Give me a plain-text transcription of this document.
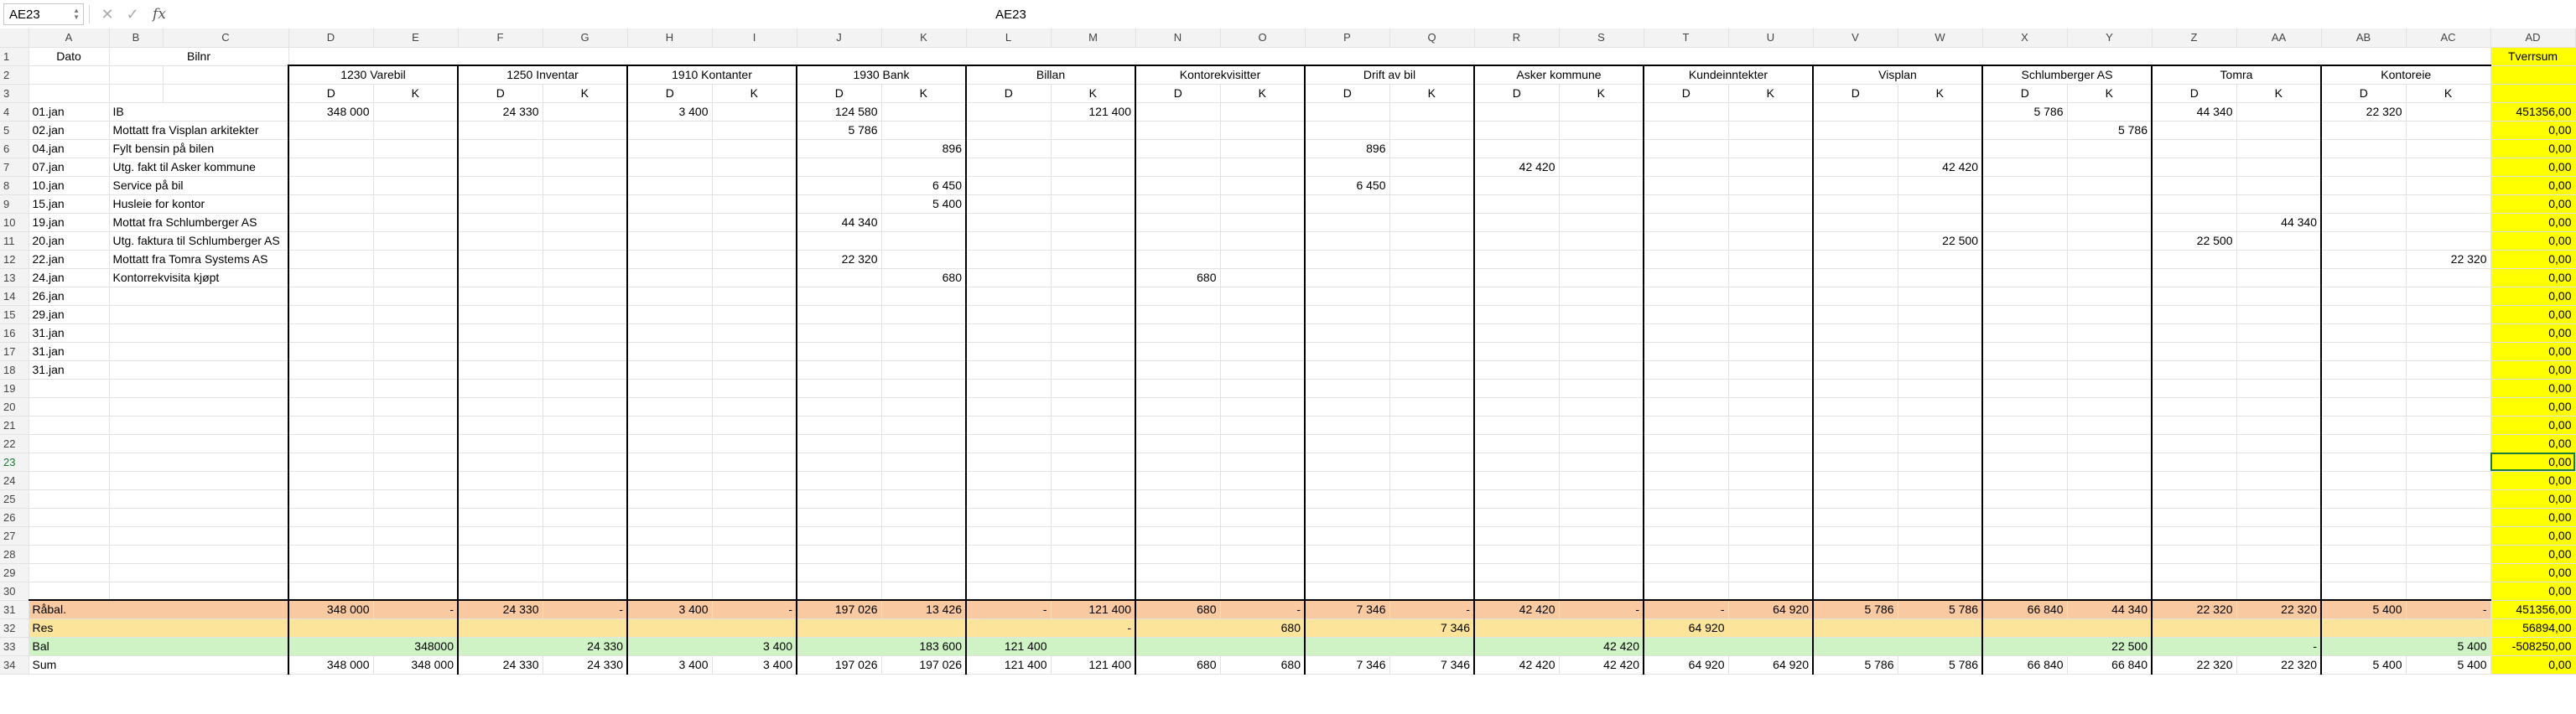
AE23	▲
▼	✕ ✓ fx	AE23
	A	B	C	D	E	F	G	H	I	J	K	L	M	N	O	P	Q	R	S	T	U	V	W	X	Y	Z	AA	AB	AC	AD
1	Dato	Bilnr																												Tverrsum
2				1230 Varebil		1250 Inventar		1910 Kontanter		1930 Bank		Billan		Kontorekvisitter		Drift av bil		Asker kommune		Kundeinntekter		Visplan		Schlumberger AS		Tomra		Kontoreie		
3				D	K	D	K	D	K	D	K	D	K	D	K	D	K	D	K	D	K	D	K	D	K	D	K	D	K	
4	01.jan	IB		348 000		24 330		3 400		124 580			121 400											5 786		44 340		22 320		451356,00
5	02.jan	Mottatt fra Visplan arkitekter								5 786															5 786					0,00
6	04.jan	Fylt bensin på bilen									896					896														0,00
7	07.jan	Utg. fakt til Asker kommune																42 420					42 420							0,00
8	10.jan	Service på bil									6 450					6 450														0,00
9	15.jan	Husleie for kontor									5 400																			0,00
10	19.jan	Mottat fra Schlumberger AS								44 340																	44 340			0,00
11	20.jan	Utg. faktura til Schlumberger AS																					22 500			22 500				0,00
12	22.jan	Mottatt fra Tomra Systems AS								22 320																			22 320	0,00
13	24.jan	Kontorrekvisita kjøpt									680			680																0,00
14	26.jan																													0,00
15	29.jan																													0,00
16	31.jan																													0,00
17	31.jan																													0,00
18	31.jan																													0,00
19																														0,00
20																														0,00
21																														0,00
22																														0,00
23																														0,00
24																														0,00
25																														0,00
26																														0,00
27																														0,00
28																														0,00
29																														0,00
30																														0,00
31	Råbal.			348 000	-	24 330	-	3 400	-	197 026	13 426	-	121 400	680	-	7 346	-	42 420	-	-	64 920	5 786	5 786	66 840	44 340	22 320	22 320	5 400	-	451356,00
32	Res												-		680		7 346			64 920										56894,00
33	Bal				348000		24 330		3 400		183 600	121 400							42 420						22 500		-		5 400	-508250,00
34	Sum			348 000	348 000	24 330	24 330	3 400	3 400	197 026	197 026	121 400	121 400	680	680	7 346	7 346	42 420	42 420	64 920	64 920	5 786	5 786	66 840	66 840	22 320	22 320	5 400	5 400	0,00
